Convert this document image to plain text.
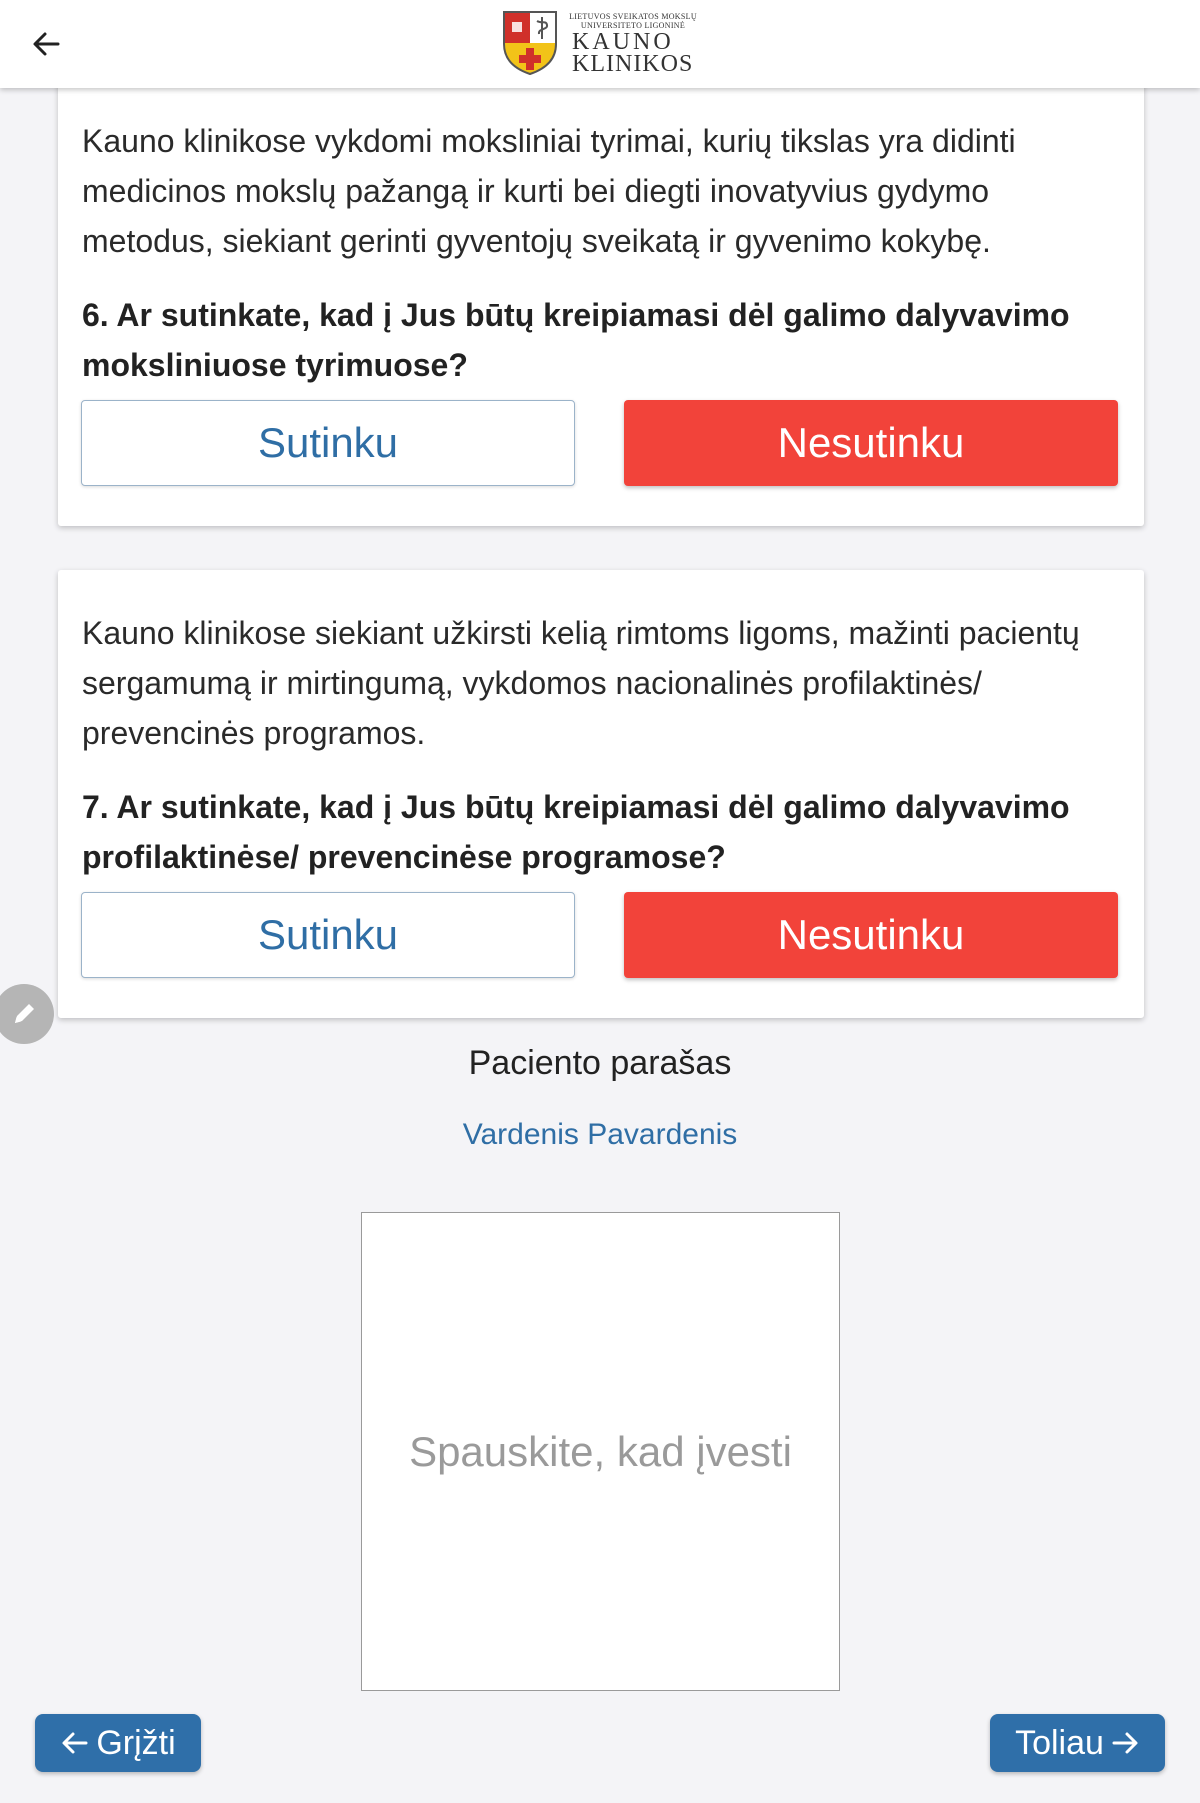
LIETUVOS SVEIKATOS MOKSLŲ
UNIVERSITETO LIGONINĖ
KAUNO
KLINIKOS
Kauno klinikose vykdomi moksliniai tyrimai, kurių tikslas yra didinti medicinos mokslų pažangą ir kurti bei diegti inovatyvius gydymo metodus, siekiant gerinti gyventojų sveikatą ir gyvenimo kokybę.
6. Ar sutinkate, kad į Jus būtų kreipiamasi dėl galimo dalyvavimo moksliniuose tyrimuose?
Sutinku	Nesutinku
Kauno klinikose siekiant užkirsti kelią rimtoms ligoms, mažinti pacientų sergamumą ir mirtingumą, vykdomos nacionalinės profilaktinės/ prevencinės programos.
7. Ar sutinkate, kad į Jus būtų kreipiamasi dėl galimo dalyvavimo profilaktinėse/ prevencinėse programose?
Sutinku	Nesutinku
Paciento parašas
Vardenis Pavardenis
Spauskite, kad įvesti
Grįžti	Toliau
